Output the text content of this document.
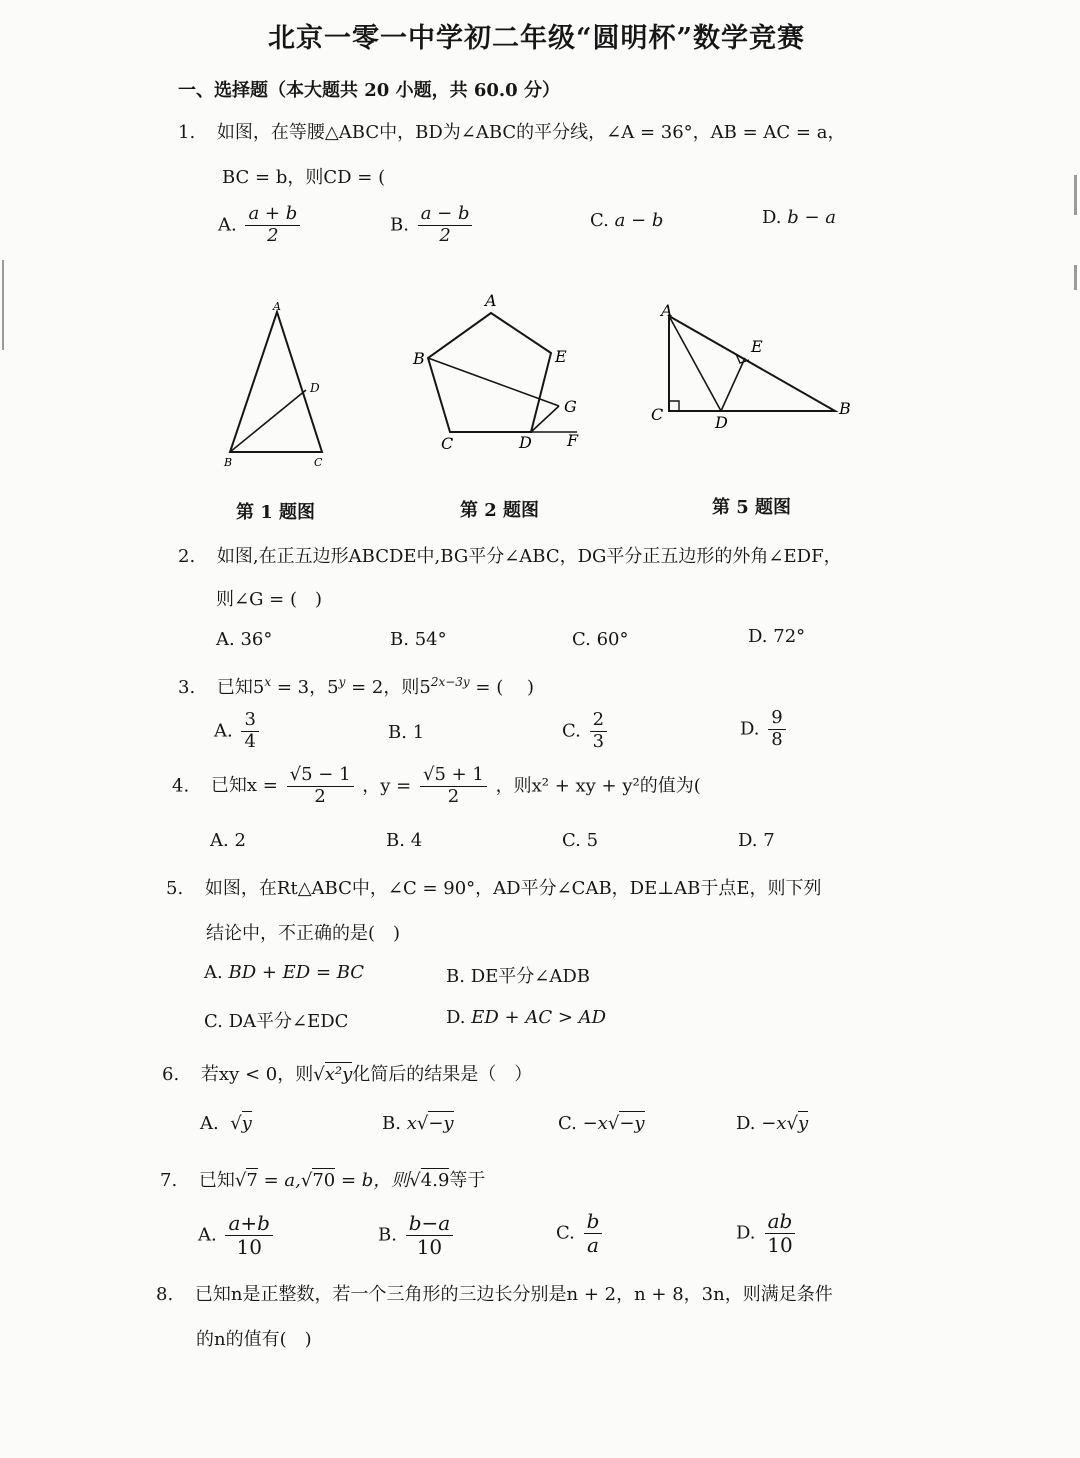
北京一零一中学初二年级“圆明杯”数学竞赛
一、选择题（本大题共 20 小题，共 60.0 分）
1. 如图，在等腰△ABC中，BD为∠ABC的平分线，∠A = 36°，AB = AC = a，
BC = b，则CD = (
A. $\frac{a + b}{2}$	B. $\frac{a - b}{2}$	C. a − b	D. b − a
A
D
B	C
A
B	E
G
C	D F
A
E
C	D
B
第 1 题图	第 2 题图	第 5 题图
2. 如图,在正五边形ABCDE中,BG平分∠ABC，DG平分正五边形的外角∠EDF，
则∠G = (　)
A. 36°	B. 54°	C. 60°	D. 72°
3. 已知$5^x = 3$，$5^y = 2$，则$5^{2x-3y}$ = (　 )
A. $\frac{3}{4}$	B. 1	C. $\frac{2}{3}$	D. $\frac{9}{8}$
4. 已知$x = \frac{√5 - 1}{2}$ ，$y = \frac{√5 + 1}{2}$ ，则x² + xy + y²的值为(
A. 2	B. 4	C. 5	D. 7
5. 如图，在Rt△ABC中，∠C = 90°，AD平分∠CAB，DE⊥AB于点E，则下列
结论中，不正确的是(　)
A. BD + ED = BC	B. DE平分∠ADB
C. DA平分∠EDC	D. ED + AC > AD
6. 若xy < 0，则√x²y化简后的结果是（　）
A. √y	B. x√−y	C. −x√−y	D. −x√y
7. 已知√7 = a,√70 = b，则√4.9等于
A. $\frac{a+b}{10}$	B. $\frac{b-a}{10}$	C. $\frac{b}{a}$	D. $\frac{ab}{10}$
8. 已知n是正整数，若一个三角形的三边长分别是n + 2，n + 8，3n，则满足条件
的n的值有(　)
